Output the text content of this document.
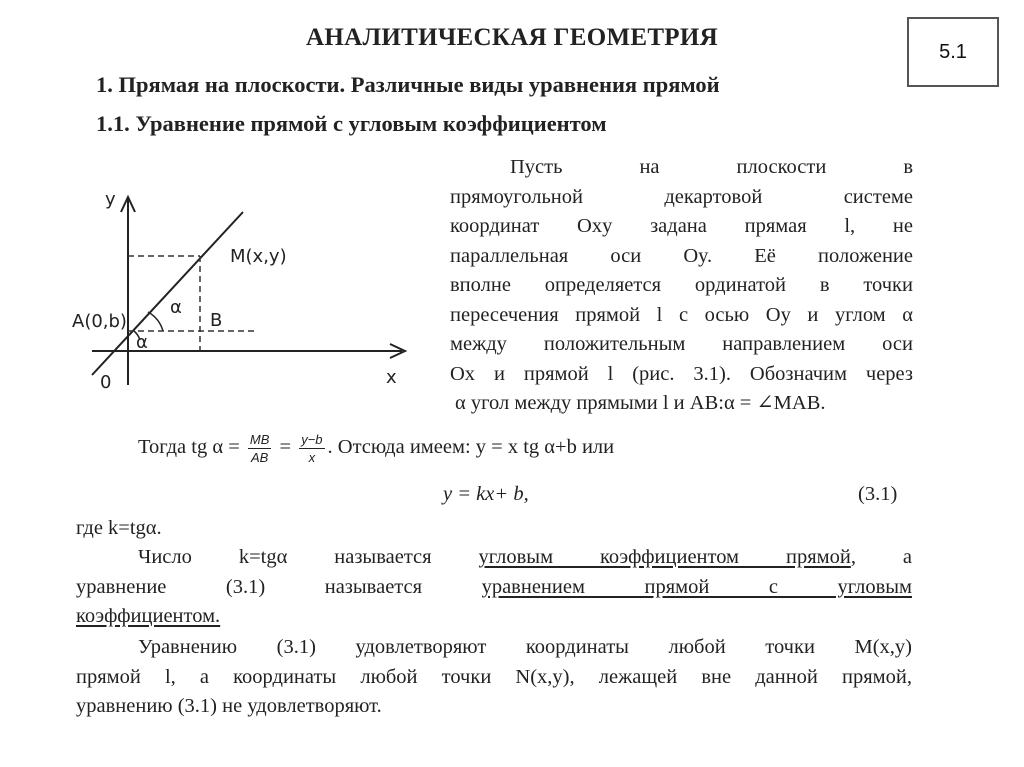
АНАЛИТИЧЕСКАЯ ГЕОМЕТРИЯ
5.1
1. Прямая на плоскости. Различные виды уравнения прямой
1.1. Уравнение прямой с угловым коэффициентом
y
x
0
A(0,b)
M(x,y)
B
α
α
Пусть на плоскости в
прямоугольной декартовой системе
координат Oxy задана прямая l, не
параллельная оси Oy. Её положение
вполне определяется ординатой в точки
пересечения прямой l с осью Oy и углом α
между положительным направлением оси
Ox и прямой l (рис. 3.1). Обозначим через
α угол между прямыми l и AB:α = ∠MAB.
Тогда tg $\alpha = \frac{MB}{AB} = \frac{y-b}{x}$ . Отсюда имеем: y = x tg α+b или
y = kx+ b,	(3.1)
где k=tgα.
Число k=tgα называется угловым коэффициентом прямой, а
уравнение (3.1) называется	уравнением прямой с угловым
коэффициентом.
Уравнению (3.1) удовлетворяют координаты любой точки M(x,y)
прямой l, а координаты любой точки N(x,y), лежащей вне данной прямой,
уравнению (3.1) не удовлетворяют.
